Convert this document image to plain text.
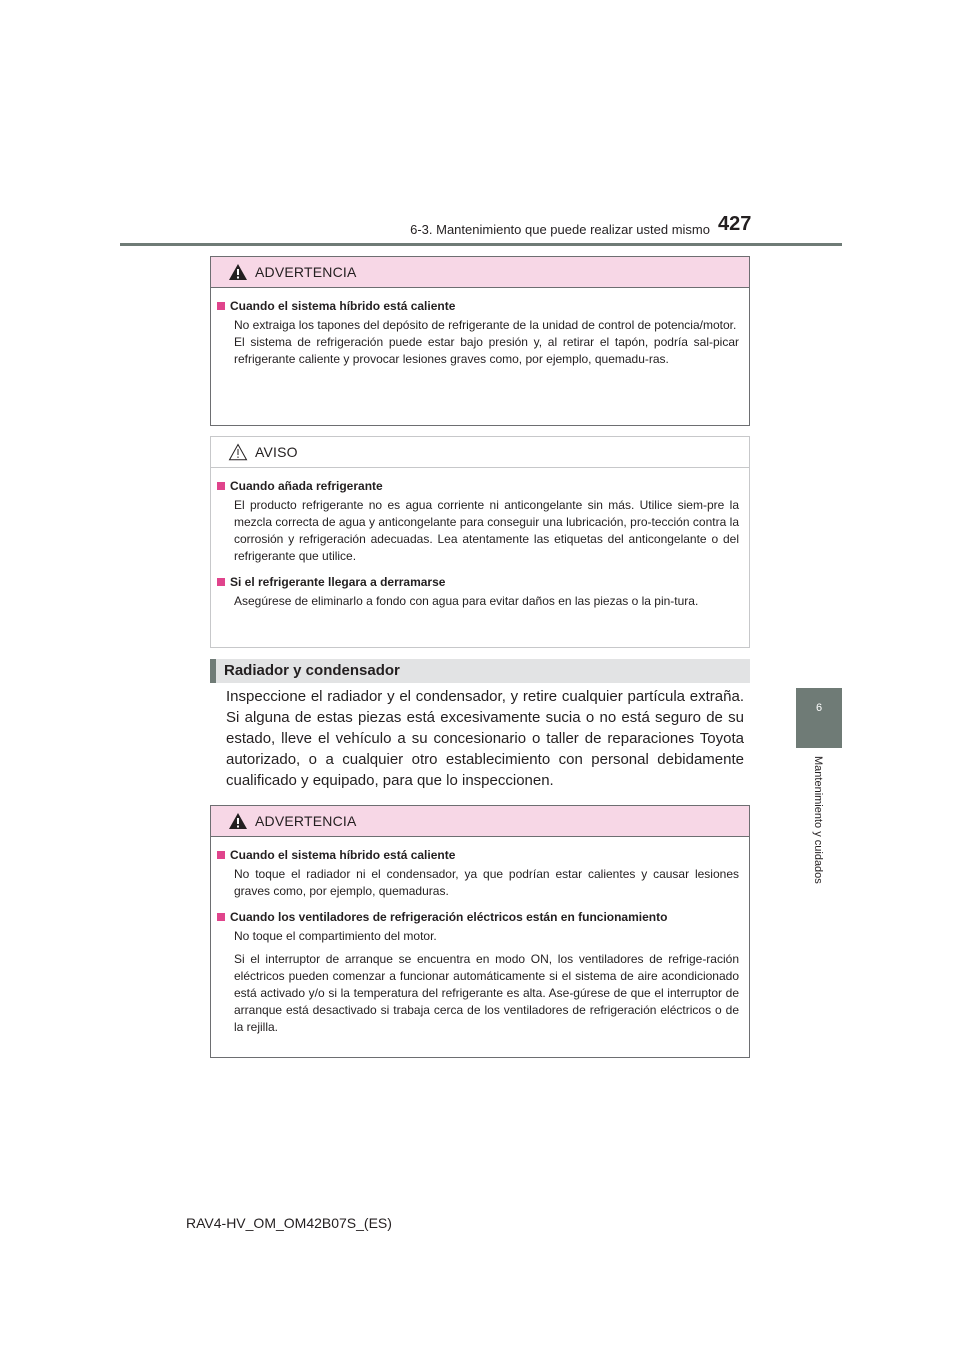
6-3. Mantenimiento que puede realizar usted mismo 427
6
Mantenimiento y cuidados
ADVERTENCIA
Cuando el sistema híbrido está caliente
No extraiga los tapones del depósito de refrigerante de la unidad de control de potencia/motor.
El sistema de refrigeración puede estar bajo presión y, al retirar el tapón, podría sal-picar refrigerante caliente y provocar lesiones graves como, por ejemplo, quemadu-ras.
AVISO
Cuando añada refrigerante
El producto refrigerante no es agua corriente ni anticongelante sin más. Utilice siem-pre la mezcla correcta de agua y anticongelante para conseguir una lubricación, pro-tección contra la corrosión y refrigeración adecuadas. Lea atentamente las etiquetas del anticongelante o del refrigerante que utilice.
Si el refrigerante llegara a derramarse
Asegúrese de eliminarlo a fondo con agua para evitar daños en las piezas o la pin-tura.
Radiador y condensador
Inspeccione el radiador y el condensador, y retire cualquier partícula extraña. Si alguna de estas piezas está excesivamente sucia o no está seguro de su estado, lleve el vehículo a su concesionario o taller de reparaciones Toyota autorizado, o a cualquier otro establecimiento con personal debidamente cualificado y equipado, para que lo inspeccionen.
ADVERTENCIA
Cuando el sistema híbrido está caliente
No toque el radiador ni el condensador, ya que podrían estar calientes y causar lesiones graves como, por ejemplo, quemaduras.
Cuando los ventiladores de refrigeración eléctricos están en funcionamiento
No toque el compartimiento del motor.
Si el interruptor de arranque se encuentra en modo ON, los ventiladores de refrige-ración eléctricos pueden comenzar a funcionar automáticamente si el sistema de aire acondicionado está activado y/o si la temperatura del refrigerante es alta. Ase-gúrese de que el interruptor de arranque está desactivado si trabaja cerca de los ventiladores de refrigeración eléctricos o de la rejilla.
RAV4-HV_OM_OM42B07S_(ES)
